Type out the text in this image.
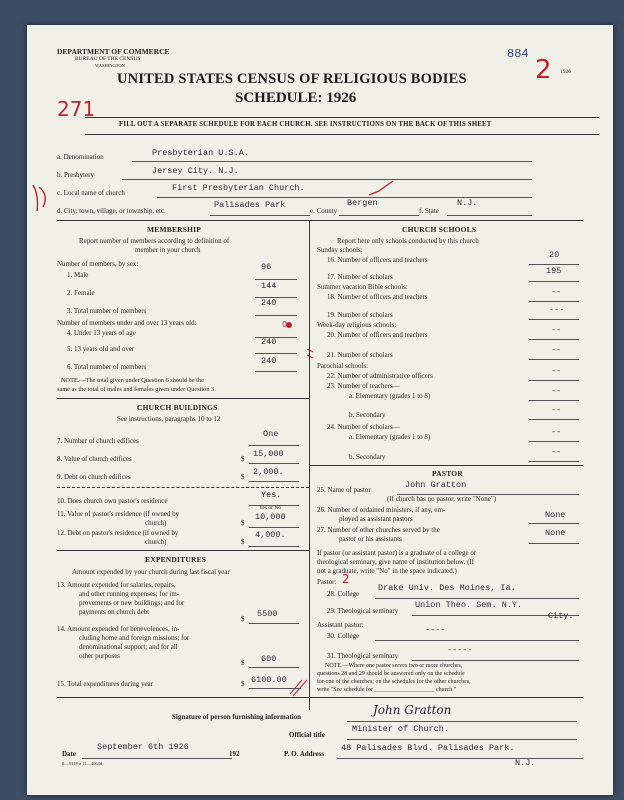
DEPARTMENT OF COMMERCE
BUREAU OF THE CENSUS
WASHINGTON
UNITED STATES CENSUS OF RELIGIOUS BODIES
SCHEDULE: 1926
884
271
2 1926
FILL OUT A SEPARATE SCHEDULE FOR EACH CHURCH. SEE INSTRUCTIONS ON THE BACK OF THIS SHEET
a. Denomination	Presbyterian U.S.A.
b. Presbytery	Jersey City. N.J.
c. Local name of church	First Presbyterian Church.
d. City, town, village, or township, etc.
Palisades Park
e. County
Bergen
f. State
N.J.
MEMBERSHIP
Report number of members according to definition of
member in your church
Number of members, by sex:
1. Male
96
2. Female
144
3. Total number of members
240
Number of members under and over 13 years old:
4. Under 13 years of age
0
5. 13 years old and over
240
6. Total number of members
240
NOTE.—The total given under Question 6 should be the
same as the total of males and females given under Question 3.
CHURCH BUILDINGS
See instructions, paragraphs 10 to 12
7. Number of church edifices
One
8. Value of church edifices	$ 15,000
9. Debt on church edifices	$ 2,000.
10. Does church own pastor's residence
Yes.
Yes or No
11. Value of pastor's residence (if owned by
church)	$
10,000
12. Debt on pastor's residence (if owned by
church)	$
4,000.
EXPENDITURES
Amount expended by your church during last fiscal year
13. Amount expended for salaries, repairs,
and other running expenses; for im-
provements or new buildings; and for
payments on church debt
$ 5500
14. Amount expended for benevolences, in-
cluding home and foreign missions; for
denominational support; and for all
other purposes
$ 600
15. Total expenditures during year	$ 6100.00
CHURCH SCHOOLS
Report here only schools conducted by this church
Sunday schools:
16. Number of officers and teachers	20
17. Number of scholars
195
Summer vacation Bible schools:
18. Number of officers and teachers	--
19. Number of scholars	---
Week-day religious schools:
20. Number of officers and teachers	--
21. Number of scholars	--
Parochial schools:
22. Number of administrative officers	--
23. Number of teachers—
a. Elementary (grades 1 to 8)	--
b. Secondary	--
24. Number of scholars—
a. Elementary (grades 1 to 8)	--
b. Secondary	--
PASTOR
25. Name of pastor	John Gratton
(If church has no pastor, write "None")
26. Number of ordained ministers, if any, em-
ployed as assistant pastors	None
27. Number of other churches served by the
pastor or his assistants
None
If pastor (or assistant pastor) is a graduate of a college or
theological seminary, give name of institution below. (If
not a graduate, write "No" in the space indicated.)
Pastor: 2
28. College
Drake Univ. Des Moines, Ia.
29. Theological seminary
Union Theo. Sem. N.Y.
City.
Assistant pastor:
30. College
----
31. Theological seminary
-----
NOTE.—Where one pastor serves two or more churches,
questions 28 and 29 should be answered only on the schedule
for one of the churches; on the schedules for the other churches,
write "See schedule for ____________________ church."
Signature of person furnishing information	John Gratton
Official title
Minister of Church.
Date
September 6th 1926
192	P. O. Address
48 Palisades Blvd. Palisades Park.
N.J.
8—5318 a 11—4064d
